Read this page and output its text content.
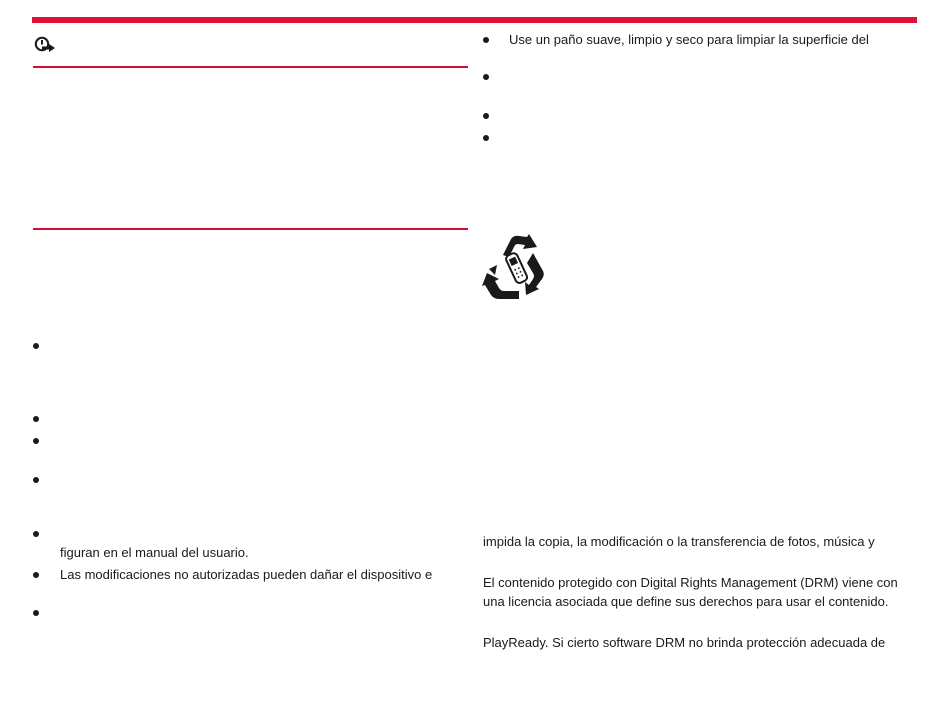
figuran en el manual del usuario.
Las modificaciones no autorizadas pueden dañar el dispositivo e
Use un paño suave, limpio y seco para limpiar la superficie del
impida la copia, la modificación o la transferencia de fotos, música y
El contenido protegido con Digital Rights Management (DRM) viene con
una licencia asociada que define sus derechos para usar el contenido.
PlayReady. Si cierto software DRM no brinda protección adecuada de
